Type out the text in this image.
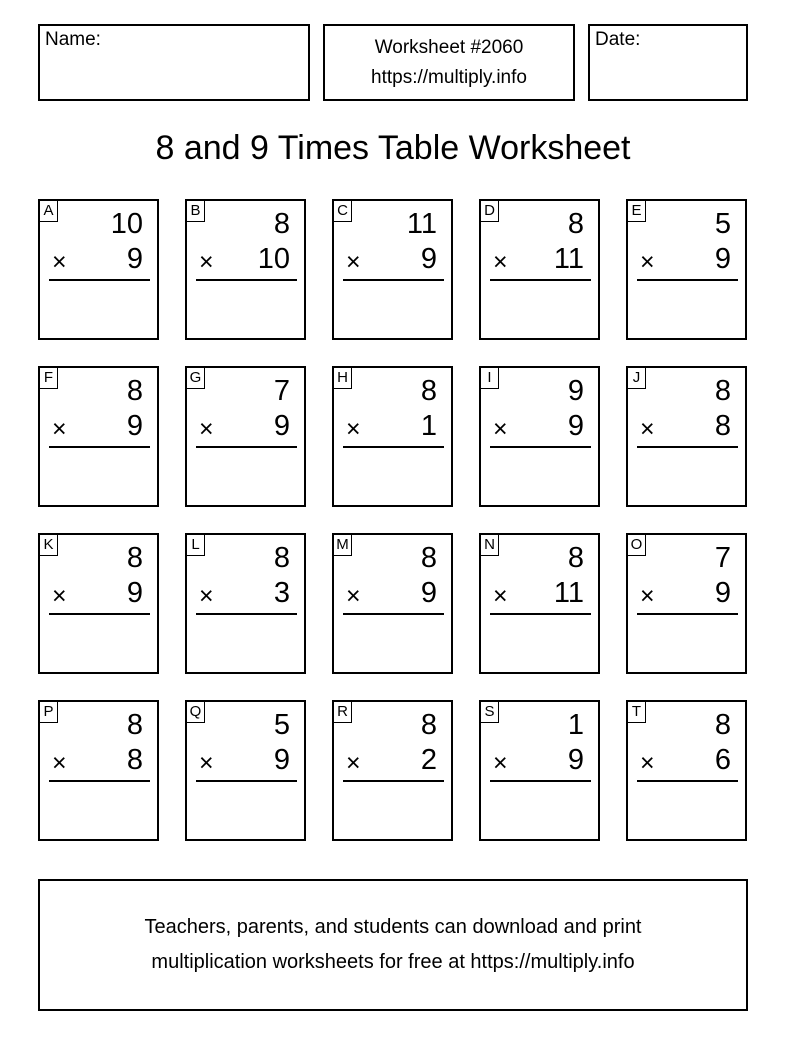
Name:	Worksheet #2060
https://multiply.info
Date:
8 and 9 Times Table Worksheet
A 10
× 9
B	8
× 10
C 11
× 9
D	8
× 11
E	5
× 9
F	8
× 9
G	7
× 9
H	8
× 1
I	9
× 9
J	8
× 8
K	8
× 9
L	8
× 3
M 8
× 9
N	8
× 11
O	7
× 9
P	8
× 8
Q	5
× 9
R	8
× 2
S	1
× 9
T	8
× 6
Teachers, parents, and students can download and print
multiplication worksheets for free at https://multiply.info
